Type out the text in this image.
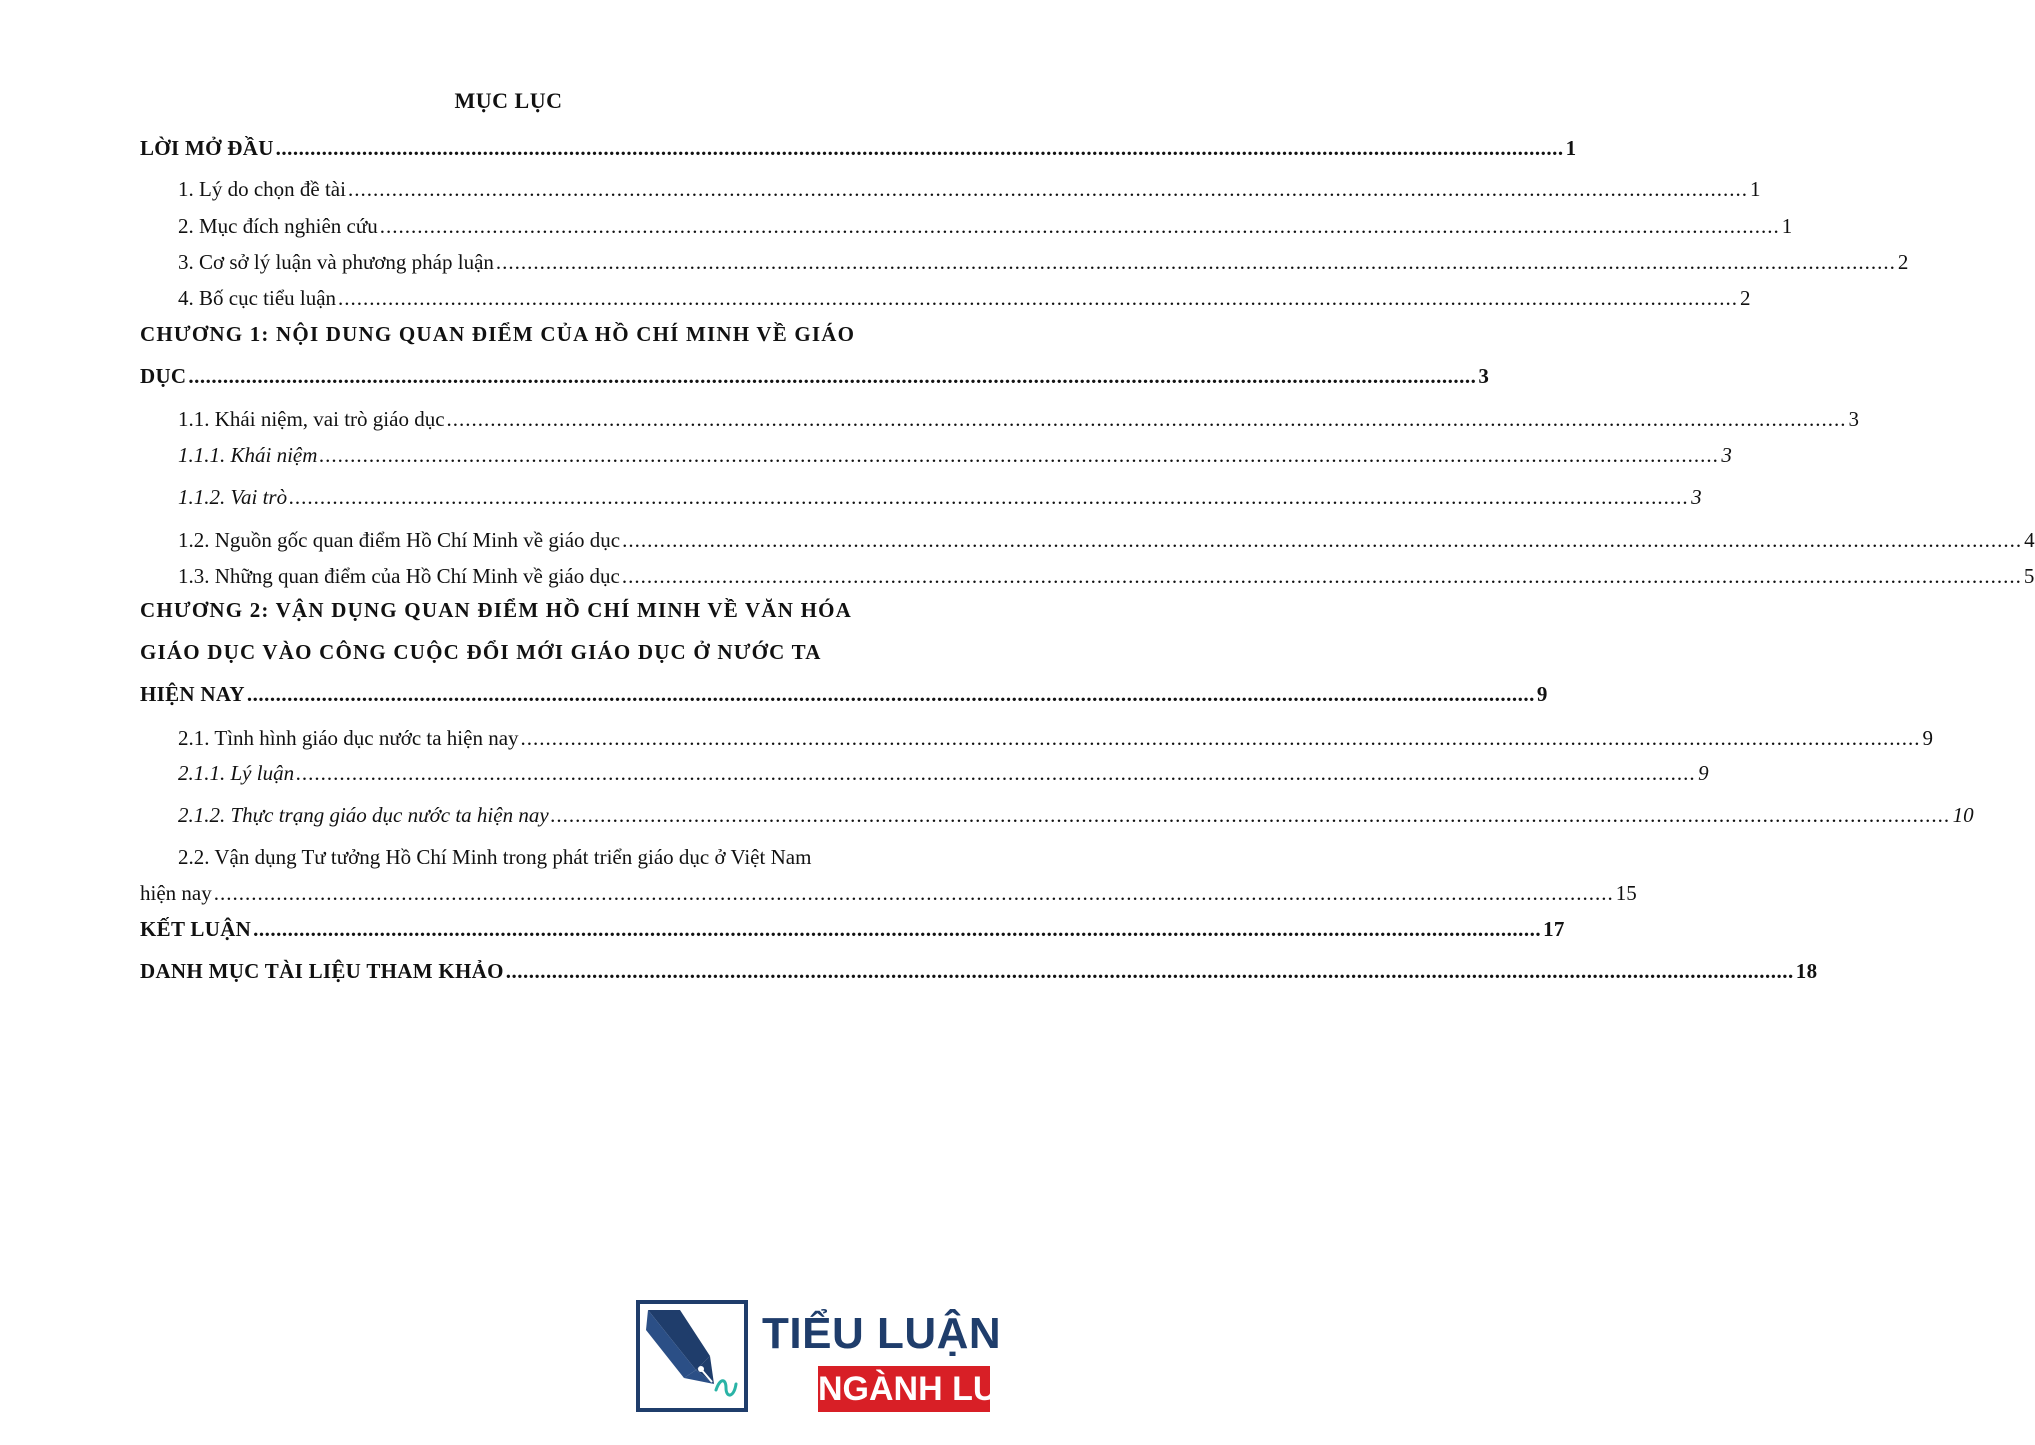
MỤC LỤC
LỜI MỞ ĐẦU .....	1
1. Lý do chọn đề tài .....	1
2. Mục đích nghiên cứu .....	1
3. Cơ sở lý luận và phương pháp luận .....	2
4. Bố cục tiểu luận .....	2
CHƯƠNG 1: NỘI DUNG QUAN ĐIỂM CỦA HỒ CHÍ MINH VỀ GIÁO
DỤC .....	3
1.1. Khái niệm, vai trò giáo dục .....	3
1.1.1. Khái niệm .....	3
1.1.2. Vai trò .....	3
1.2. Nguồn gốc quan điểm Hồ Chí Minh về giáo dục .....	4
1.3. Những quan điểm của Hồ Chí Minh về giáo dục .....	5
CHƯƠNG 2: VẬN DỤNG QUAN ĐIỂM HỒ CHÍ MINH VỀ VĂN HÓA
GIÁO DỤC VÀO CÔNG CUỘC ĐỔI MỚI GIÁO DỤC Ở NƯỚC TA
HIỆN NAY .....	9
2.1. Tình hình giáo dục nước ta hiện nay .....	9
2.1.1. Lý luận .....	9
2.1.2. Thực trạng giáo dục nước ta hiện nay .....	10
2.2. Vận dụng Tư tưởng Hồ Chí Minh trong phát triển giáo dục ở Việt Nam
hiện nay .....	15
KẾT LUẬN .....	17
DANH MỤC TÀI LIỆU THAM KHẢO .....	18
TIỂU LUẬN
NGÀNH LUẬT
